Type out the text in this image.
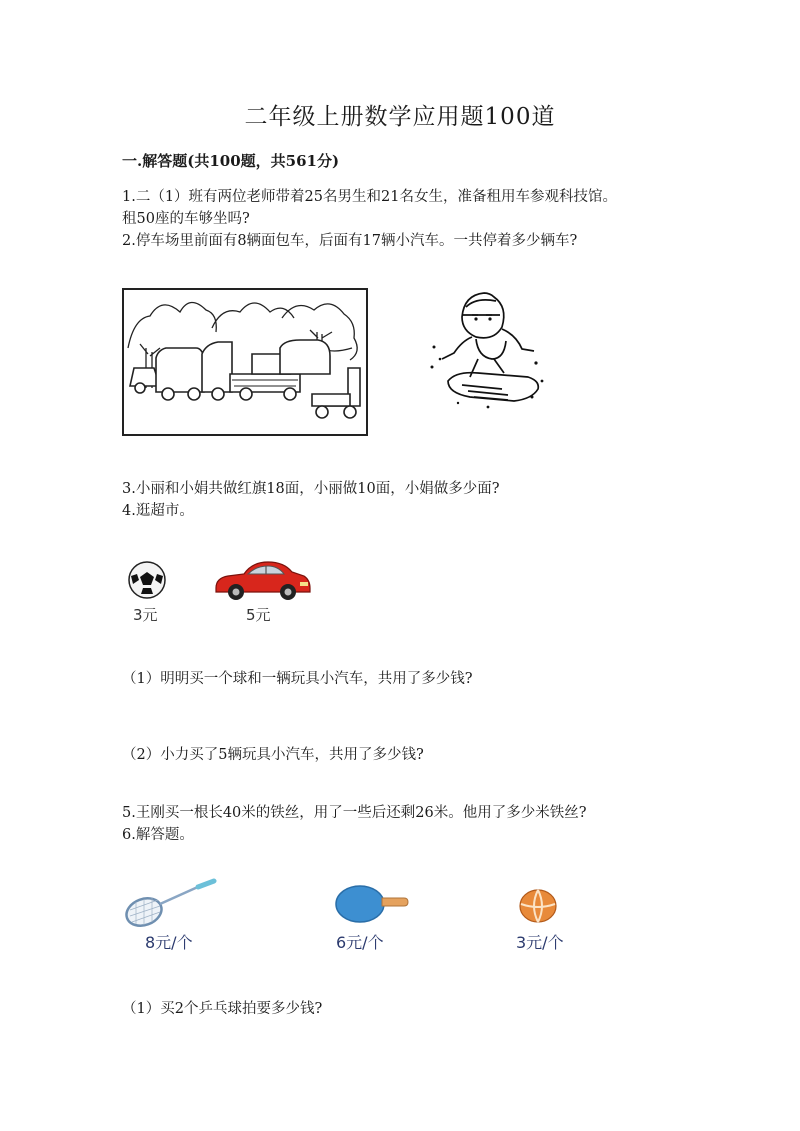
二年级上册数学应用题100道
一.解答题(共100题，共561分)
1.二（1）班有两位老师带着25名男生和21名女生，准备租用车参观科技馆。
租50座的车够坐吗?
2.停车场里前面有8辆面包车，后面有17辆小汽车。一共停着多少辆车?
3.小丽和小娟共做红旗18面，小丽做10面，小娟做多少面?
4.逛超市。
3元	5元
（1）明明买一个球和一辆玩具小汽车，共用了多少钱?
（2）小力买了5辆玩具小汽车，共用了多少钱?
5.王刚买一根长40米的铁丝，用了一些后还剩26米。他用了多少米铁丝?
6.解答题。
8元/个	6元/个	3元/个
（1）买2个乒乓球拍要多少钱?
